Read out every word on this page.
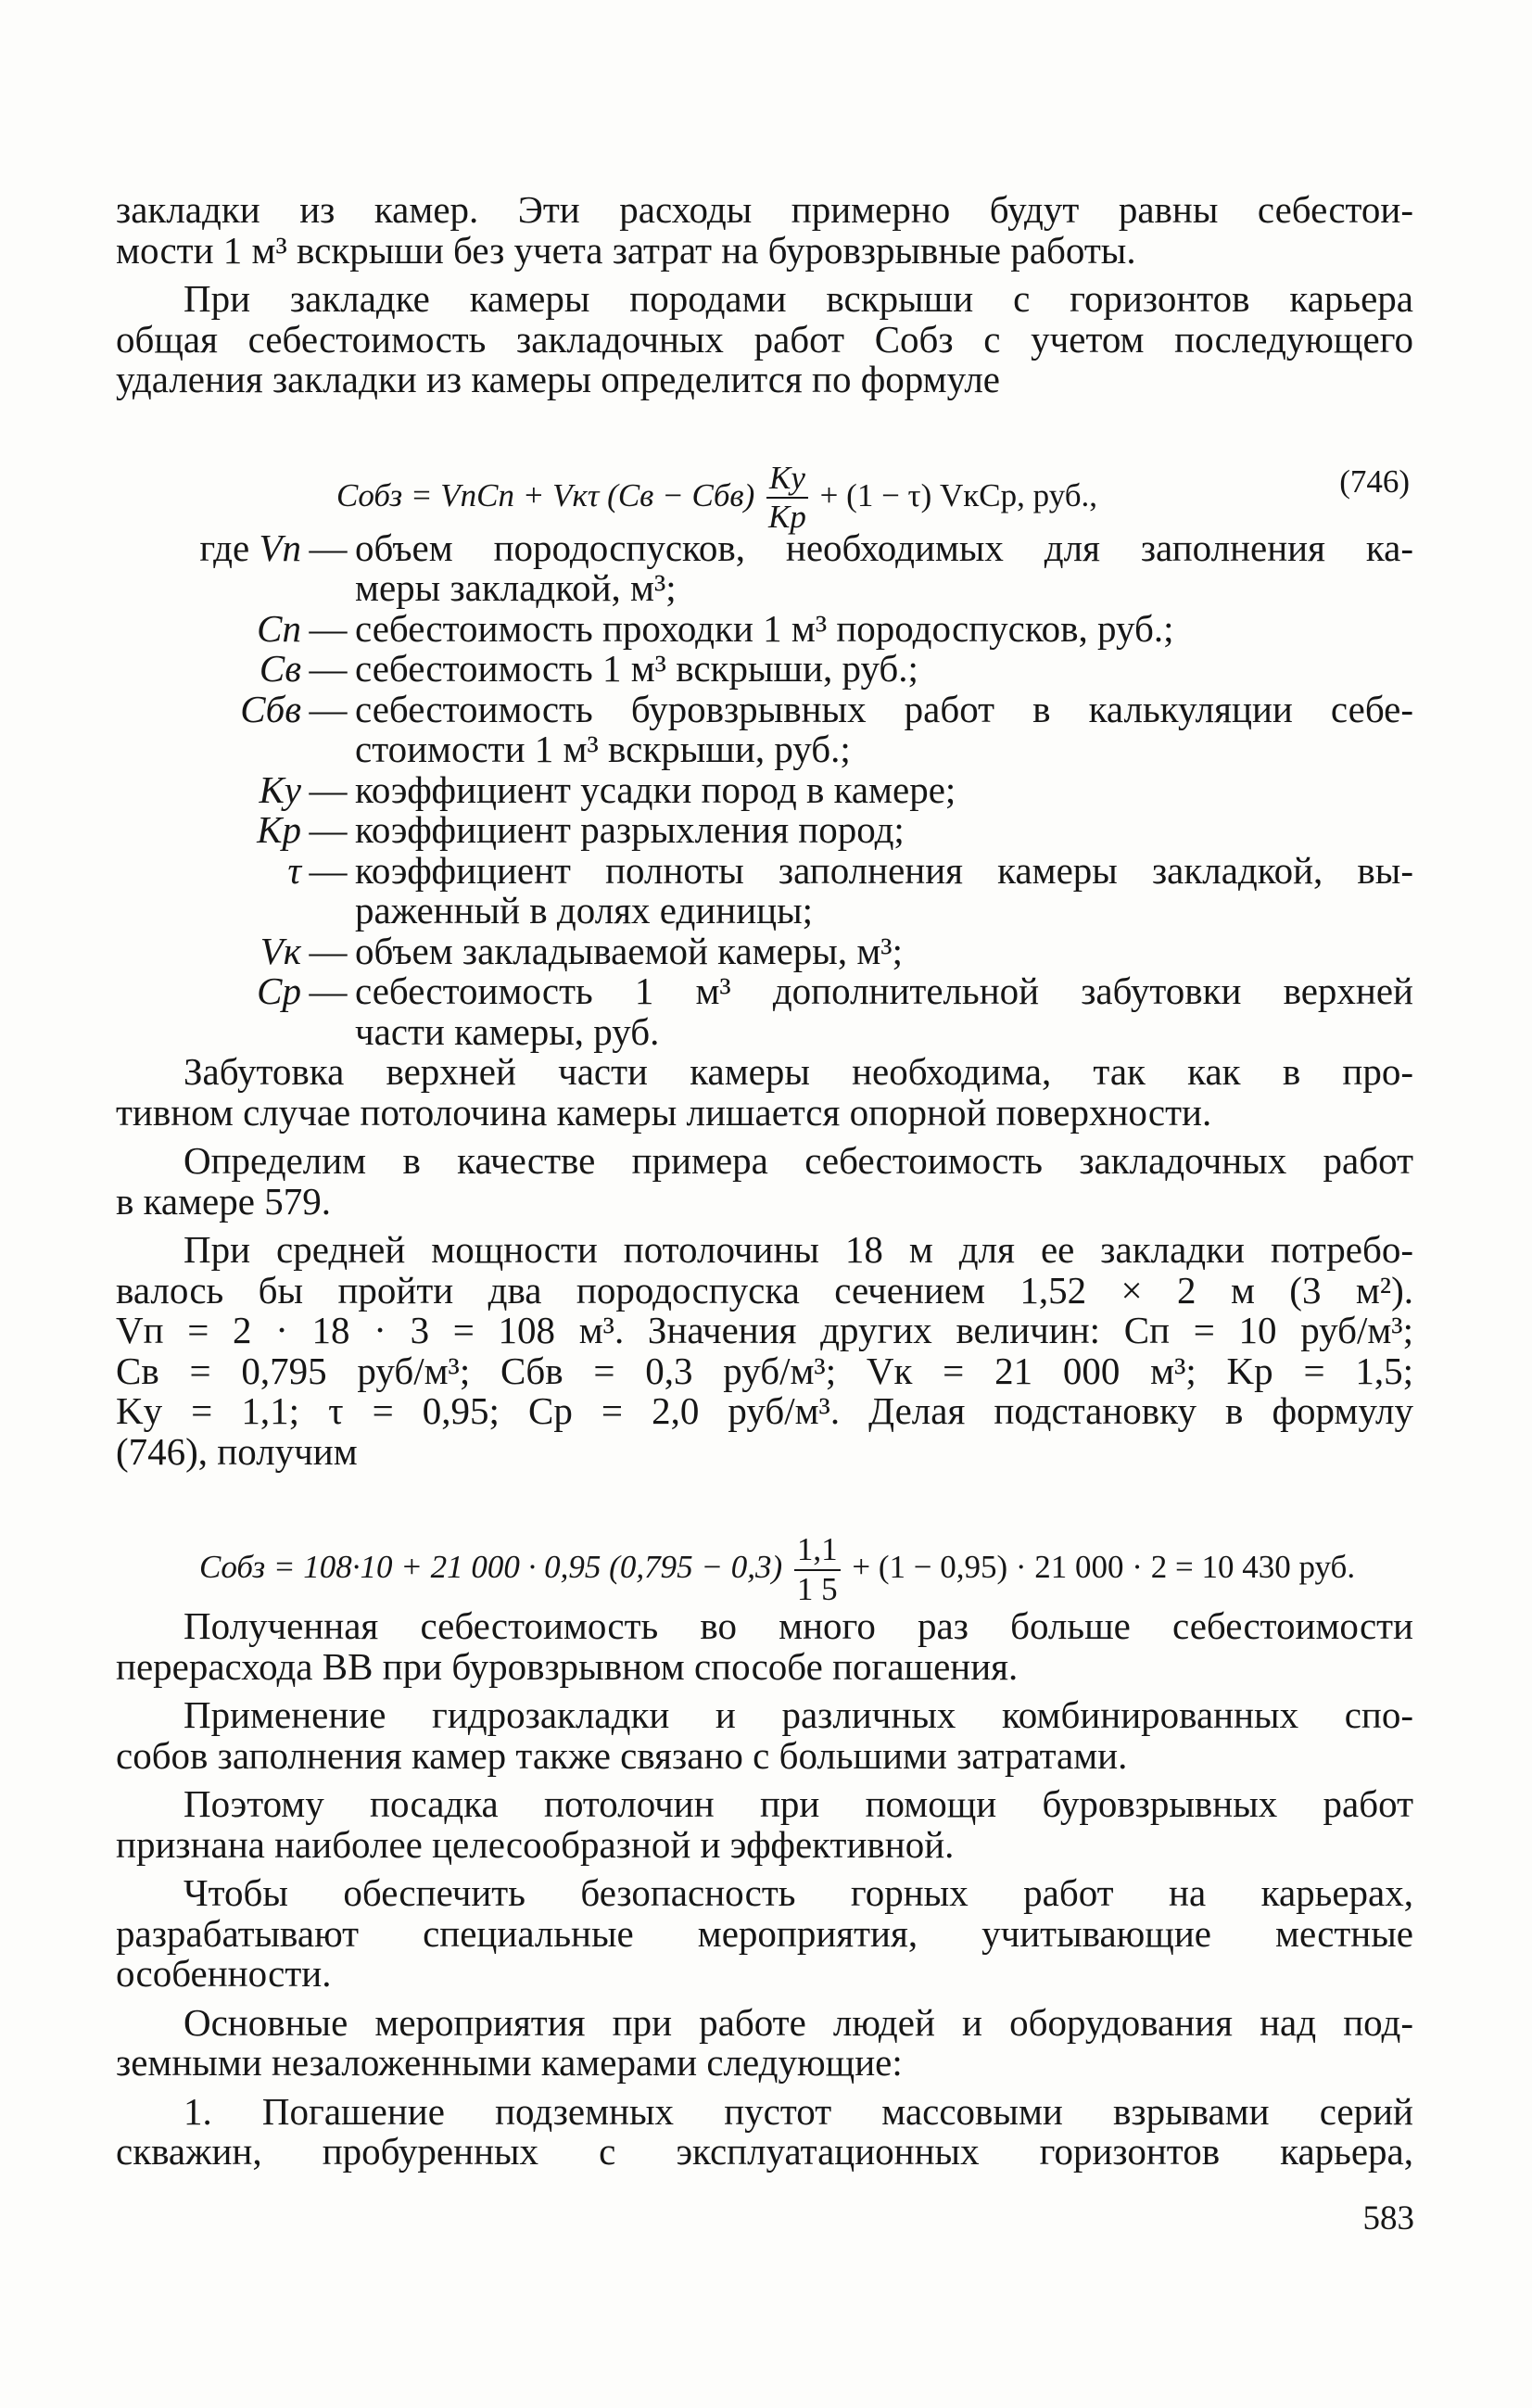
закладки из камер. Эти расходы примерно будут равны себестои-

мости 1 м³ вскрыши без учета затрат на буровзрывные работы.

При закладке камеры породами вскрыши с горизонтов карьера

общая себестоимость закладочных работ Собз с учетом последующего

удаления закладки из камеры определится по формуле

Cобз = VпCп + Vкτ $(Cв - Cбв) \frac{Kу}{Kр} + (1 - \tau)$ VкCр, руб.,	(746)
где Vп — объем породоспусков, необходимых для заполнения ка-

меры закладкой, м³;

Cп — себестоимость проходки 1 м³ породоспусков, руб.;
Cв — себестоимость 1 м³ вскрыши, руб.;
Cбв — себестоимость буровзрывных работ в калькуляции себе-

стоимости 1 м³ вскрыши, руб.;

Kу — коэффициент усадки пород в камере;
Kр — коэффициент разрыхления пород;
τ — коэффициент полноты заполнения камеры закладкой, вы-

раженный в долях единицы;

Vк — объем закладываемой камеры, м³;
Cр — себестоимость 1 м³ дополнительной забутовки верхней

части камеры, руб.

Забутовка верхней части камеры необходима, так как в про-

тивном случае потолочина камеры лишается опорной поверхности.

Определим в качестве примера себестоимость закладочных работ

в камере 579.

При средней мощности потолочины 18 м для ее закладки потребо-

валось бы пройти два породоспуска сечением 1,52 × 2 м (3 м²).

Vп = 2 · 18 · 3 = 108 м³. Значения других величин: Cп = 10 руб/м³;

Cв = 0,795 руб/м³; Cбв = 0,3 руб/м³; Vк = 21 000 м³; Kр = 1,5;

Kу = 1,1; τ = 0,95; Cр = 2,0 руб/м³. Делая подстановку в формулу

(746), получим

Cобз = 108·10 + 21 000 · 0,95 $(0,795 - 0,3) \frac{1,1}{1 5} + (1 - 0,95) \cdot 21$ 000 · 2 = 10 430 руб.

Полученная себестоимость во много раз больше себестоимости

перерасхода ВВ при буровзрывном способе погашения.

Применение гидрозакладки и различных комбинированных спо-

собов заполнения камер также связано с большими затратами.

Поэтому посадка потолочин при помощи буровзрывных работ

признана наиболее целесообразной и эффективной.

Чтобы обеспечить безопасность горных работ на карьерах,

разрабатывают специальные мероприятия, учитывающие местные

особенности.

Основные мероприятия при работе людей и оборудования над под-

земными незаложенными камерами следующие:

1. Погашение подземных пустот массовыми взрывами серий

скважин, пробуренных с эксплуатационных горизонтов карьера,

583
